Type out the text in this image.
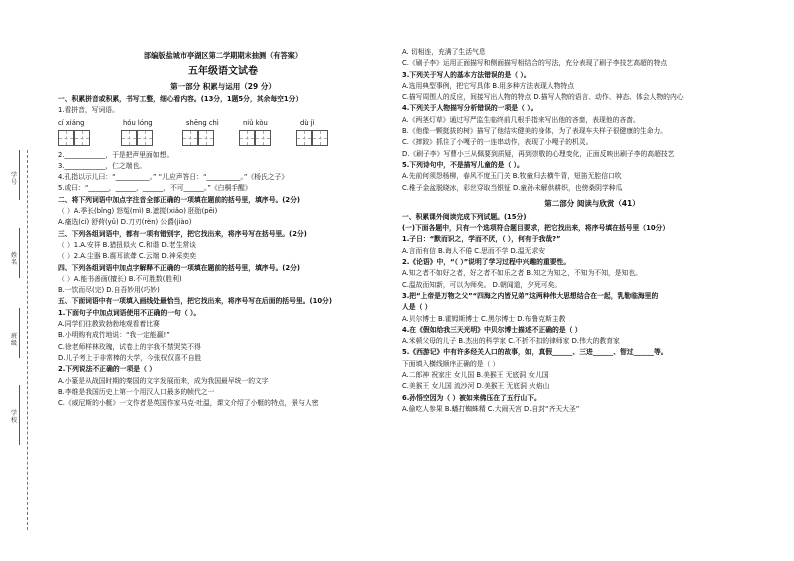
学号
姓名
班级
学校
部编版盐城市亭湖区第二学期期末抽测（有答案）
五年级语文试卷
第一部分 积累与运用（29 分）
一、积累拼音或积累，书写工整，细心看内容。(13分，1题5分，其余每空1分）
1.看拼音，写词语。
cí xiáng	hóu lóng	shēng chì	niǔ kòu	dù jì
2.____________，于是把声里面如想。
3.____________，仁之端也。
4.孔指以示儿曰：“__________。” “儿应声答日：“__________。”《杨氏之子》
5.或曰：“______，______，______，不可______。”《白桐手醒》
二、将下列词语中加点字注音全部正确的一项填在题前的括号里，填序号。(2分)
（ ）A.季长(bǐng) 怒冤(mì) B.遮搅(xiǎo) 胚胎(pēi)
A.瘙选(cí) 舒荷(yǔ) D.刀刃(rèn) 公爵(jiào)
三、下列各组词语中，都有一项有错别字，把它找出来，将序号写在括号里。(2分)
（ ）1.A.安祥 B.猎扭似火 C.和谐 D.老生常谈
（ ）2.A.尘器 B.震耳欲聋 C.云端 D.神采奕奕
四、下列各组词语中加点字解释不正确的一项填在题前的括号里，填序号。(2分)
（ ）A.能书善画(擅长) B.不可胜数(胜利)
B.一饮而尽(完) D.自吾妙用(巧妙)
五、下面词语中有一项填入画线处最恰当，把它找出来，将序号写在后面的括号里。(10分)
1.下面句子中加点词语使用不正确的一句（ ）。
A.同学们往教致勃勃地观看着比赛
B.小明购有成竹地说：“我一定能赢!”
C.徐老师样林玫瑰，试卷上的字我不禁哭笑不得
D.儿子考上于非常棒的大学，今张权仅喜不自胜
2.下列说法不正确的一项是（ ）
A.小篆是从战国时期的秦国的文字发展而来，成为我国最早统一的文字
B.李维是我国历史上第一个用汉人口最多的帧代之一
C.《威尼斯的小艇》一文作者是英国作家马克·吐温，课文介绍了小艇的特点，景与人密
A. 切相连，充满了生活气息
C.《刷子李》运用正面描写和侧面描写相结合的写法，充分表现了刷子李技艺高超的特点
3.下列关于写人的基本方法错误的是（ ）。
A.选用典型事例，把它写具体 B.用多种方法表现人物特点
C.描写周围人的反应，间接写出人物的特点 D.描写人物的语言、动作、神态、体会人物的内心
4.下列关于人物描写分析错误的一项是（ ）。
A.《两茎灯草》通过写严监生临终前几根手指来写出他的吝啬，表现他的吝啬。
B.《他像一颗挺拔的树》描写了他结实健美的身体，为了表现车夫样子很健康的生命力。
C.《摔跤》抓住了小嘎子的一连串动作，表现了小嘎子的机灵。
D.《刷子李》写曹小三从佩要到质疑，再到崇敬的心理变化，正面反映出刷子李的高超技艺
5.下列诗句中，不是描写儿童的是（ ）。
A.先前何须怨杨柳，春风不度玉门关 B.牧童归去横牛背，短笛无腔信口吹
C.稚子金盆脱晓冰，彩丝穿取当银钲 D.童孙未解供耕织，也傍桑阴学种瓜
第二部分 阅读与欣赏（41）
一、积累课外阅读完成下列试题。(15分)
(一)下面各题中，只有一个选项符合题目要求，把它找出来，将序号填在括号里（10分）
1.子日：“默而识之，学而不厌，（ ），何有于我哉?”
A.言而有信 B.诲人不倦 C.思而不学 D.温无求安
2.《论语》中，“（ ）”说明了学习过程中兴趣的重要性。
A.知之者不如好之者，好之者不如乐之者 B.知之为知之，不知为不知，是知也。
C.温故而知新，可以为师矣。 D.朝闻道，夕死可矣。
3.把“上帝是万物之父”“四海之内皆兄弟”这两种伟大思想结合在一起，乳勒临海里的
人是（ ）
A.贝尔博士 B.霍姆斯博士 C.黑尔博士 D.布鲁克斯主教
4.在《假如给我三天光明》中贝尔博士描述不正确的是（ ）
A.米顿父母的儿子 B.杰出的科学家 C.不折不扣的律师家 D.伟大的教育家
5.《西游记》中有许多经关人口的故事，如，真假______、三进______、智过______等。
下面填入横线顺序正确的是（ ）
A.二郎神 祝家庄 女儿国 B.美猴王 无底洞 女儿国
C.美猴王 女儿国 流沙河 D.美猴王 无底洞 火焰山
6.孙悟空因为（ ）被如来佛压在了五行山下。
A.偷吃人参果 B.蟠打蜘蛛精 C.大闹天宫 D.自封“齐天大圣”
